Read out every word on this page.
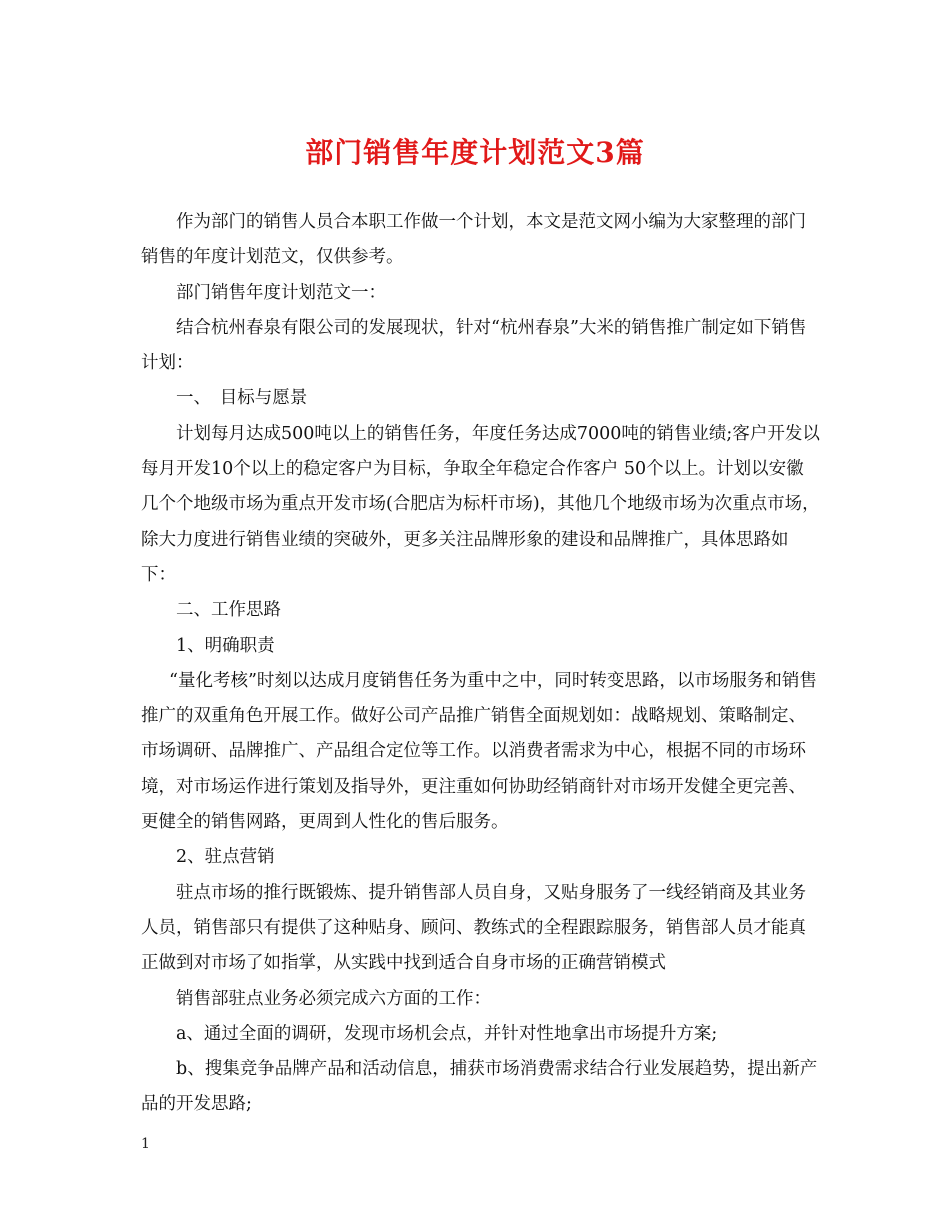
部门销售年度计划范文3篇

作为部门的销售人员合本职工作做一个计划，本文是范文网小编为大家整理的部门销售的年度计划范文，仅供参考。

部门销售年度计划范文一：

结合杭州春泉有限公司的发展现状，针对“杭州春泉”大米的销售推广制定如下销售计划：

一、　目标与愿景

计划每月达成500吨以上的销售任务，年度任务达成7000吨的销售业绩;客户开发以每月开发10个以上的稳定客户为目标，争取全年稳定合作客户 50个以上。计划以安徽几个个地级市场为重点开发市场(合肥店为标杆市场)，其他几个地级市场为次重点市场，除大力度进行销售业绩的突破外，更多关注品牌形象的建设和品牌推广，具体思路如下：

二、工作思路

1、明确职责

“量化考核”时刻以达成月度销售任务为重中之中，同时转变思路，以市场服务和销售推广的双重角色开展工作。做好公司产品推广销售全面规划如：战略规划、策略制定、市场调研、品牌推广、产品组合定位等工作。以消费者需求为中心，根据不同的市场环境，对市场运作进行策划及指导外，更注重如何协助经销商针对市场开发健全更完善、更健全的销售网路，更周到人性化的售后服务。

2、驻点营销

驻点市场的推行既锻炼、提升销售部人员自身，又贴身服务了一线经销商及其业务人员，销售部只有提供了这种贴身、顾问、教练式的全程跟踪服务，销售部人员才能真正做到对市场了如指掌，从实践中找到适合自身市场的正确营销模式

销售部驻点业务必须完成六方面的工作：

a、通过全面的调研，发现市场机会点，并针对性地拿出市场提升方案;

b、搜集竞争品牌产品和活动信息，捕获市场消费需求结合行业发展趋势，提出新产品的开发思路;

1
